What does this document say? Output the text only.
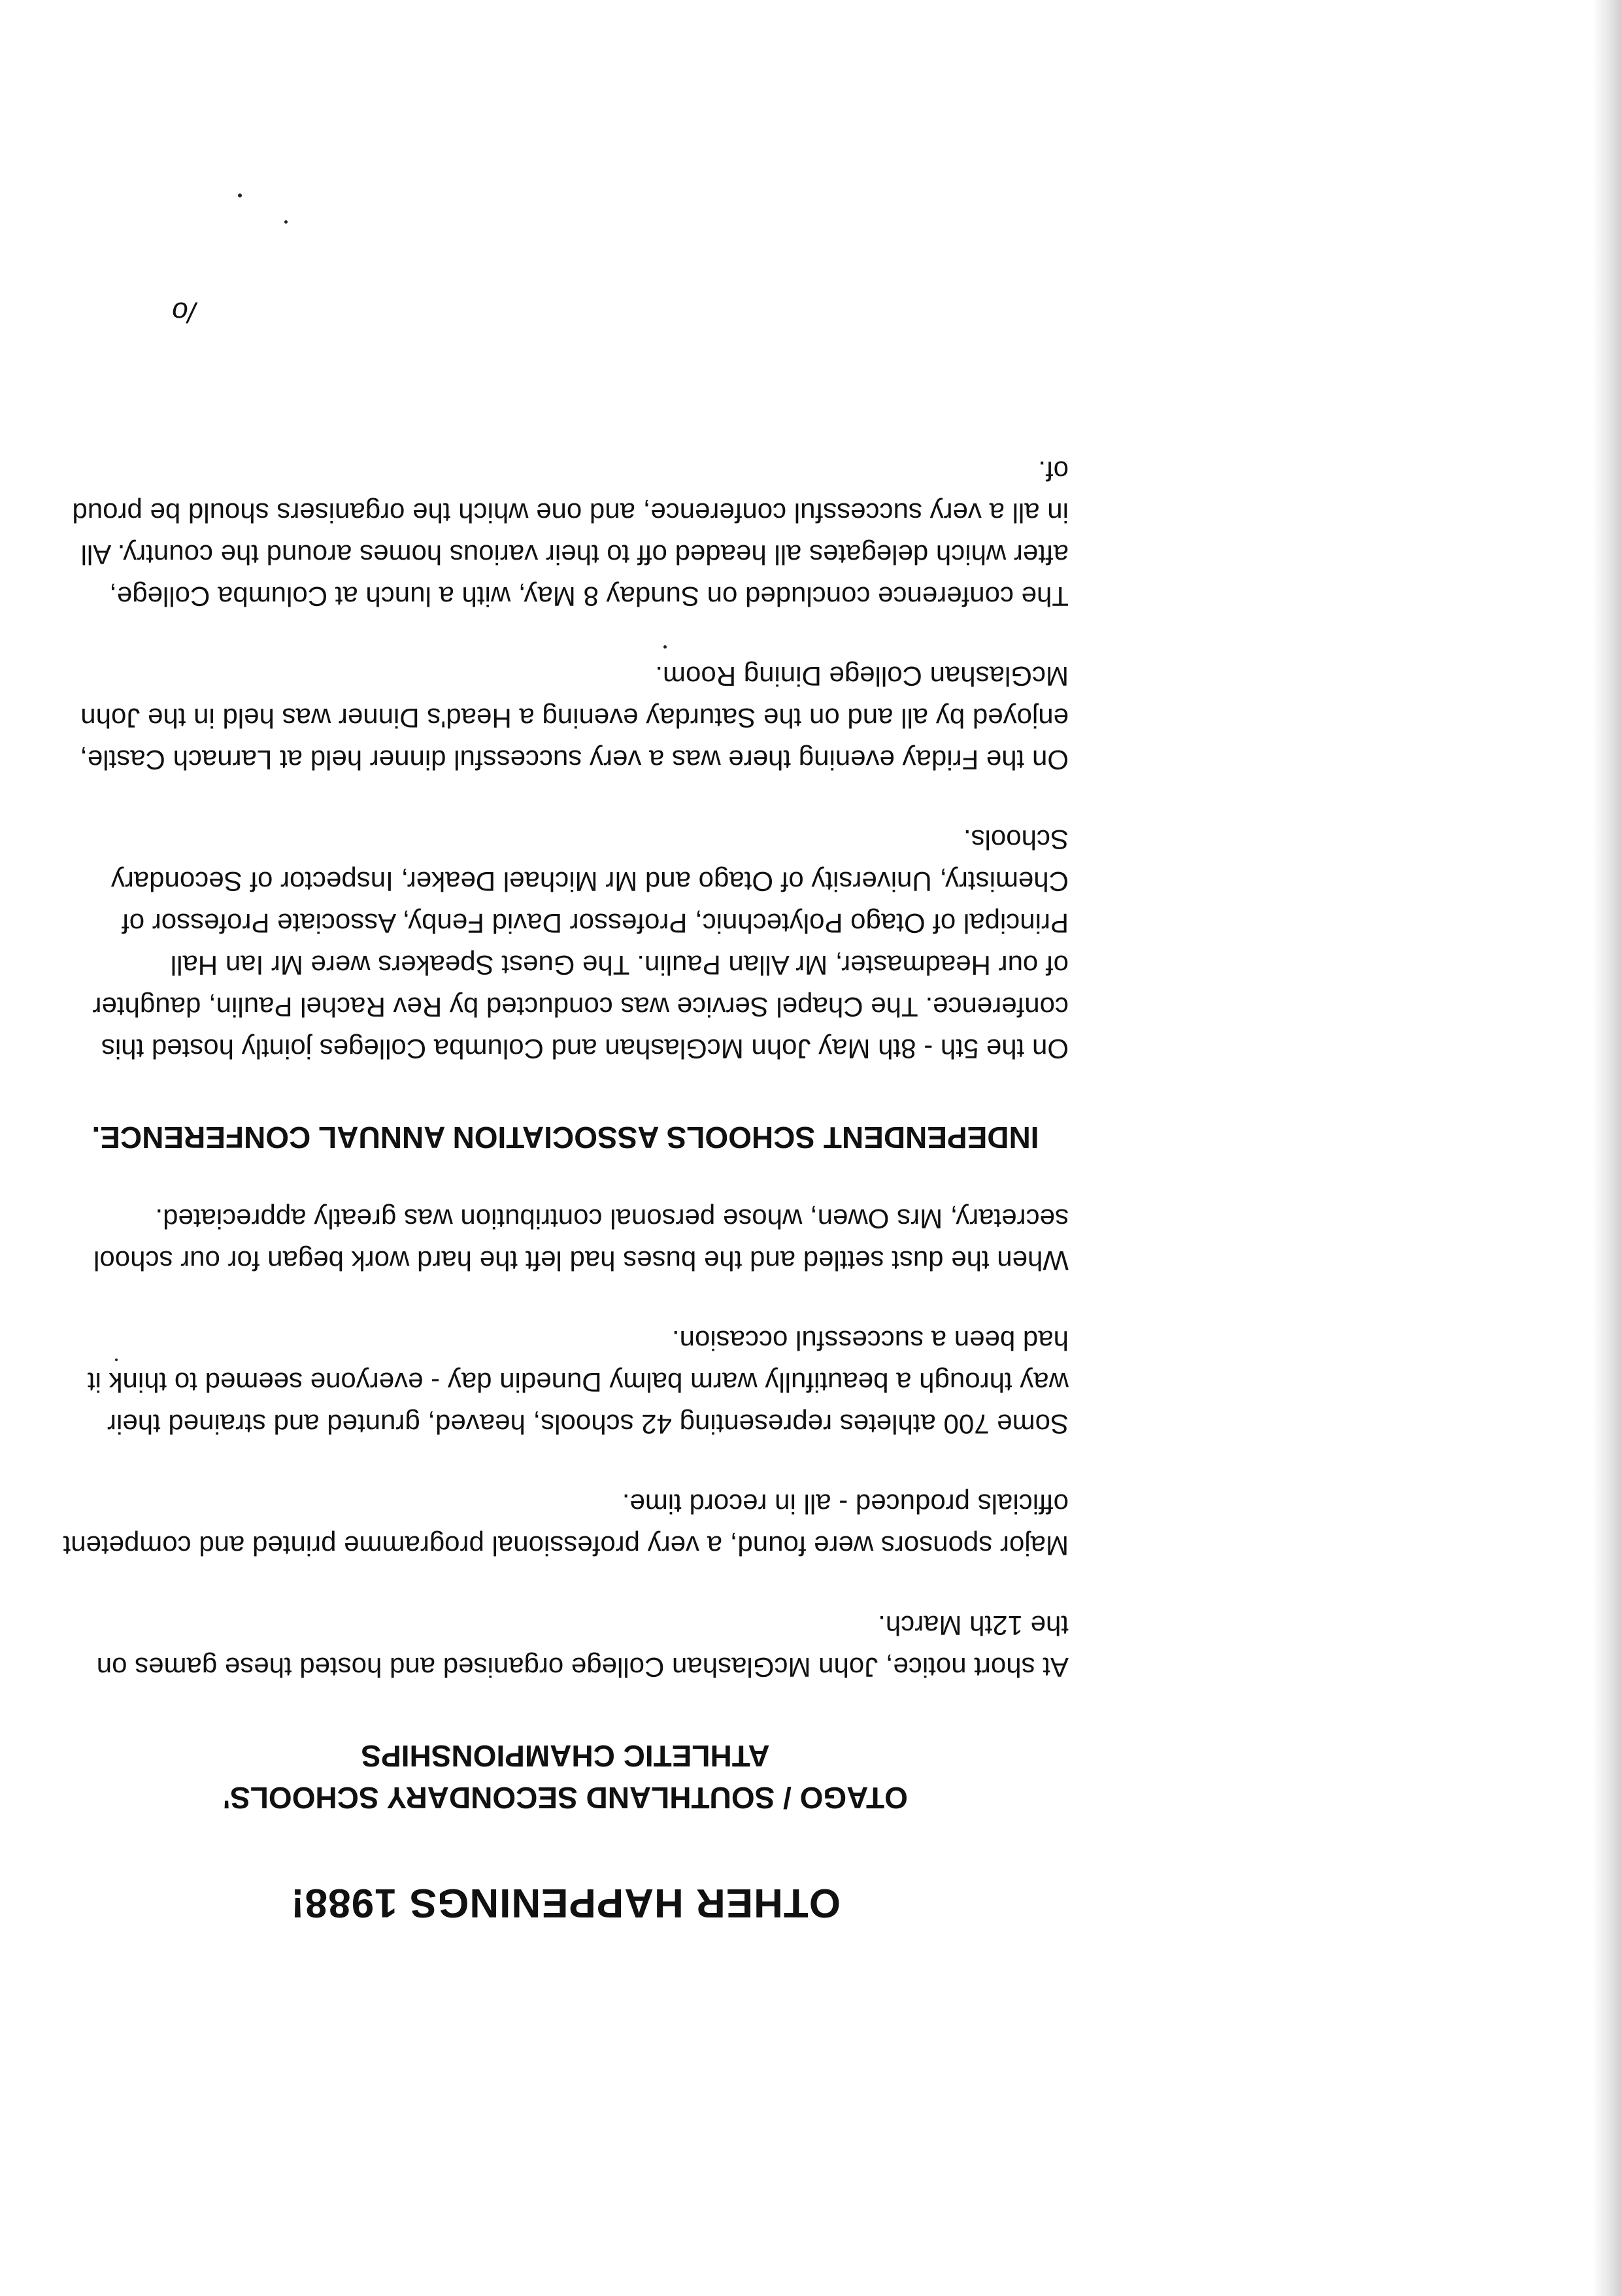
OTHER HAPPENINGS 1988!
OTAGO / SOUTHLAND SECONDARY SCHOOLS' ATHLETIC CHAMPIONSHIPS

At short notice, John McGlashan College organised and hosted these games on the 12th March.

Major sponsors were found, a very professional programme printed and competent officials produced - all in record time.

Some 700 athletes representing 42 schools, heaved, grunted and strained their way through a beautifully warm balmy Dunedin day - everyone seemed to think it had been a successful occasion.

When the dust settled and the buses had left the hard work began for our school secretary, Mrs Owen, whose personal contribution was greatly appreciated.

INDEPENDENT SCHOOLS ASSOCIATION ANNUAL CONFERENCE.

On the 5th - 8th May John McGlashan and Columba Colleges jointly hosted this conference. The Chapel Service was conducted by Rev Rachel Paulin, daughter of our Headmaster, Mr Allan Paulin. The Guest Speakers were Mr Ian Hall Principal of Otago Polytechnic, Professor David Fenby, Associate Professor of Chemistry, University of Otago and Mr Michael Deaker, Inspector of Secondary Schools.

On the Friday evening there was a very successful dinner held at Larnach Castle, enjoyed by all and on the Saturday evening a Head's Dinner was held in the John McGlashan College Dining Room.

The conference concluded on Sunday 8 May, with a lunch at Columba College, after which delegates all headed off to their various homes around the country. All in all a very successful conference, and one which the organisers should be proud of.

/o
